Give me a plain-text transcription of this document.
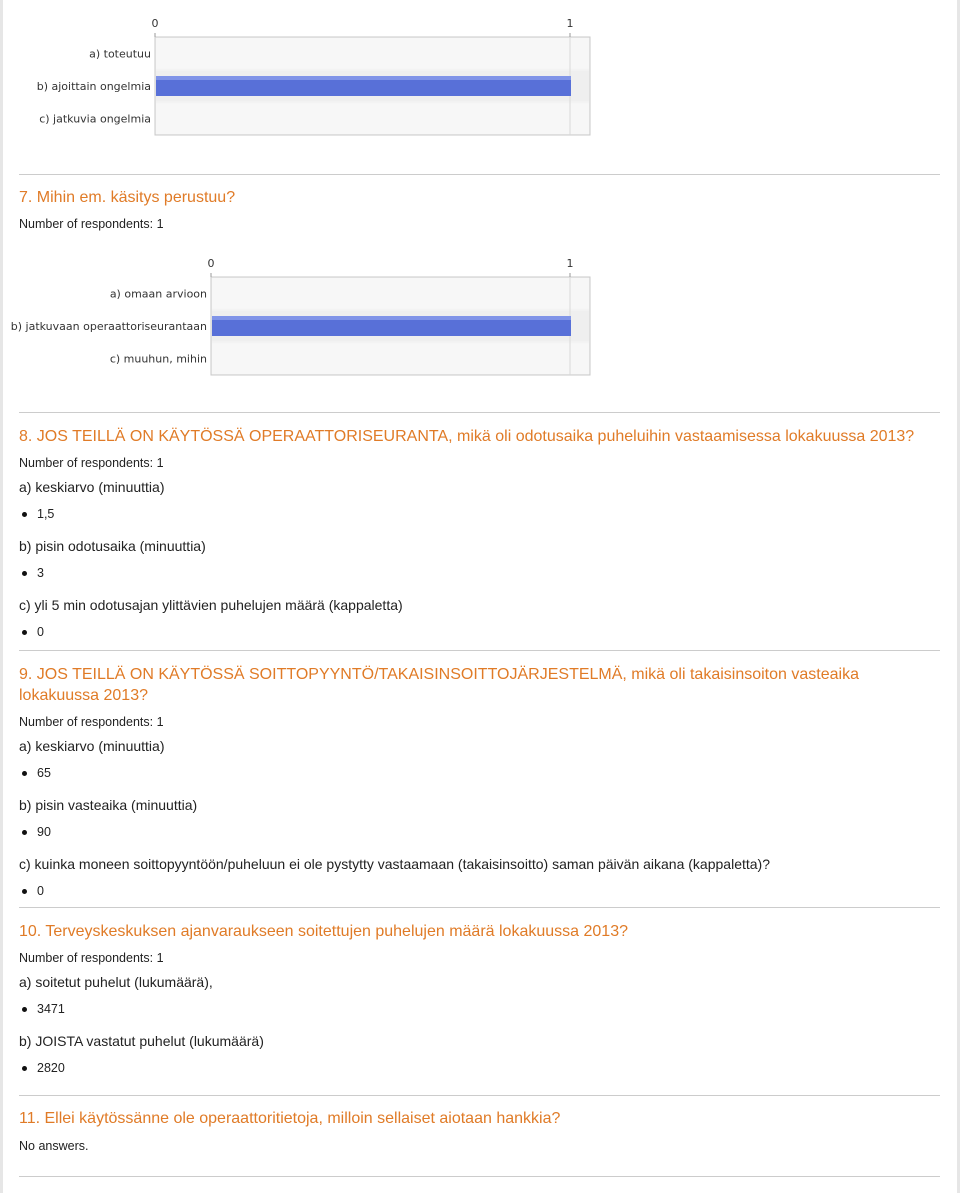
0	1
a) toteutuu
b) ajoittain ongelmia
c) jatkuvia ongelmia

7. Mihin em. käsitys perustuu?

Number of respondents: 1
0	1
a) omaan arvioon
b) jatkuvaan operaattoriseurantaan
c) muuhun, mihin

8. JOS TEILLÄ ON KÄYTÖSSÄ OPERAATTORISEURANTA, mikä oli odotusaika puheluihin vastaamisessa lokakuussa 2013?

Number of respondents: 1
a) keskiarvo (minuuttia)
1,5
b) pisin odotusaika (minuuttia)
3
c) yli 5 min odotusajan ylittävien puhelujen määrä (kappaletta)
0

9. JOS TEILLÄ ON KÄYTÖSSÄ SOITTOPYYNTÖ/TAKAISINSOITTOJÄRJESTELMÄ, mikä oli takaisinsoiton vasteaika lokakuussa 2013?

Number of respondents: 1
a) keskiarvo (minuuttia)
65
b) pisin vasteaika (minuuttia)
90
c) kuinka moneen soittopyyntöön/puheluun ei ole pystytty vastaamaan (takaisinsoitto) saman päivän aikana (kappaletta)?
0

10. Terveyskeskuksen ajanvaraukseen soitettujen puhelujen määrä lokakuussa 2013?

Number of respondents: 1
a) soitetut puhelut (lukumäärä),
3471
b) JOISTA vastatut puhelut (lukumäärä)
2820

11. Ellei käytössänne ole operaattoritietoja, milloin sellaiset aiotaan hankkia?

No answers.
